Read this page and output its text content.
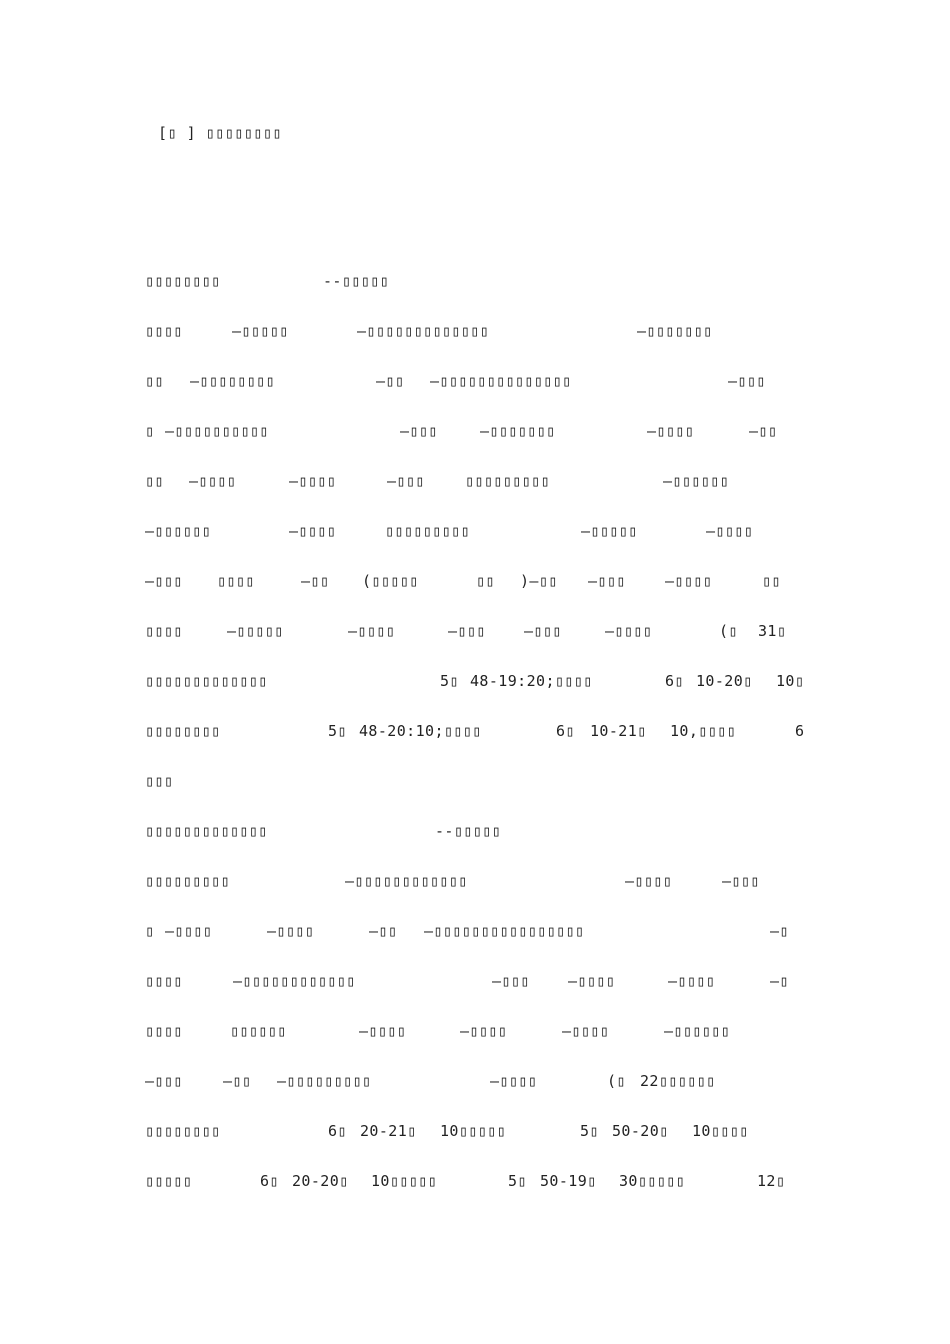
[▯ ] ▯▯▯▯▯▯▯▯
▯▯▯▯▯▯▯▯	--▯▯▯▯▯
▯▯▯▯	—▯▯▯▯▯	—▯▯▯▯▯▯▯▯▯▯▯▯▯	—▯▯▯▯▯▯▯
▯▯ —▯▯▯▯▯▯▯▯	—▯▯ —▯▯▯▯▯▯▯▯▯▯▯▯▯▯	—▯▯▯
▯ —▯▯▯▯▯▯▯▯▯▯	—▯▯▯	—▯▯▯▯▯▯▯	—▯▯▯▯	—▯▯
▯▯ —▯▯▯▯	—▯▯▯▯	—▯▯▯	▯▯▯▯▯▯▯▯▯	—▯▯▯▯▯▯
—▯▯▯▯▯▯	—▯▯▯▯	▯▯▯▯▯▯▯▯▯	—▯▯▯▯▯	—▯▯▯▯
—▯▯▯ ▯▯▯▯	—▯▯ (▯▯▯▯▯	▯▯ )—▯▯ —▯▯▯	—▯▯▯▯	▯▯
▯▯▯▯	—▯▯▯▯▯	—▯▯▯▯	—▯▯▯	—▯▯▯	—▯▯▯▯	(▯ 31▯
▯▯▯▯▯▯▯▯▯▯▯▯▯	5▯ 48-19:20;▯▯▯▯	6▯ 10-20▯ 10▯
▯▯▯▯▯▯▯▯	5▯ 48-20:10;▯▯▯▯	6▯ 10-21▯ 10,▯▯▯▯	6
▯▯▯
▯▯▯▯▯▯▯▯▯▯▯▯▯	--▯▯▯▯▯
▯▯▯▯▯▯▯▯▯	—▯▯▯▯▯▯▯▯▯▯▯▯	—▯▯▯▯	—▯▯▯
▯ —▯▯▯▯	—▯▯▯▯	—▯▯ —▯▯▯▯▯▯▯▯▯▯▯▯▯▯▯▯	—▯
▯▯▯▯	—▯▯▯▯▯▯▯▯▯▯▯▯	—▯▯▯	—▯▯▯▯	—▯▯▯▯	—▯
▯▯▯▯	▯▯▯▯▯▯	—▯▯▯▯	—▯▯▯▯	—▯▯▯▯	—▯▯▯▯▯▯
—▯▯▯	—▯▯ —▯▯▯▯▯▯▯▯▯	—▯▯▯▯	(▯ 22▯▯▯▯▯▯
▯▯▯▯▯▯▯▯	6▯ 20-21▯ 10▯▯▯▯▯	5▯ 50-20▯ 10▯▯▯▯
▯▯▯▯▯	6▯ 20-20▯ 10▯▯▯▯▯	5▯ 50-19▯ 30▯▯▯▯▯	12▯
